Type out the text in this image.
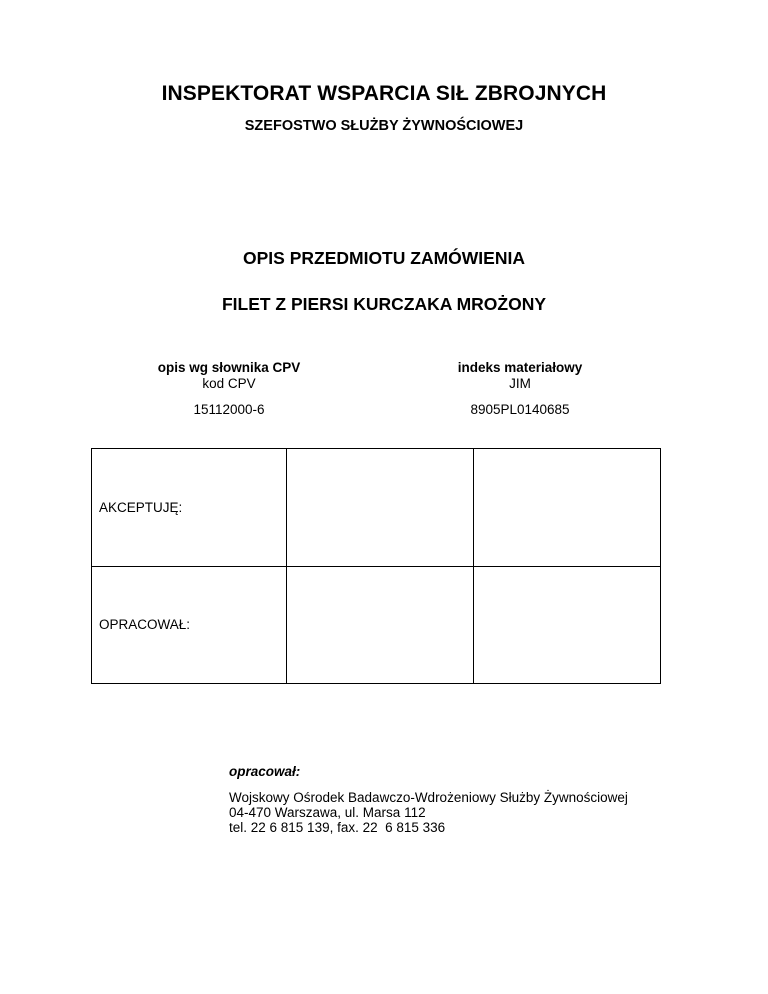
INSPEKTORAT WSPARCIA SIŁ ZBROJNYCH
SZEFOSTWO SŁUŻBY ŻYWNOŚCIOWEJ
OPIS PRZEDMIOTU ZAMÓWIENIA
FILET Z PIERSI KURCZAKA MROŻONY
opis wg słownika CPV
kod CPV
15112000-6
indeks materiałowy
JIM
8905PL0140685
AKCEPTUJĘ:		
OPRACOWAŁ:		
opracował:
Wojskowy Ośrodek Badawczo-Wdrożeniowy Służby Żywnościowej
04-470 Warszawa, ul. Marsa 112
tel. 22 6 815 139, fax. 22  6 815 336
